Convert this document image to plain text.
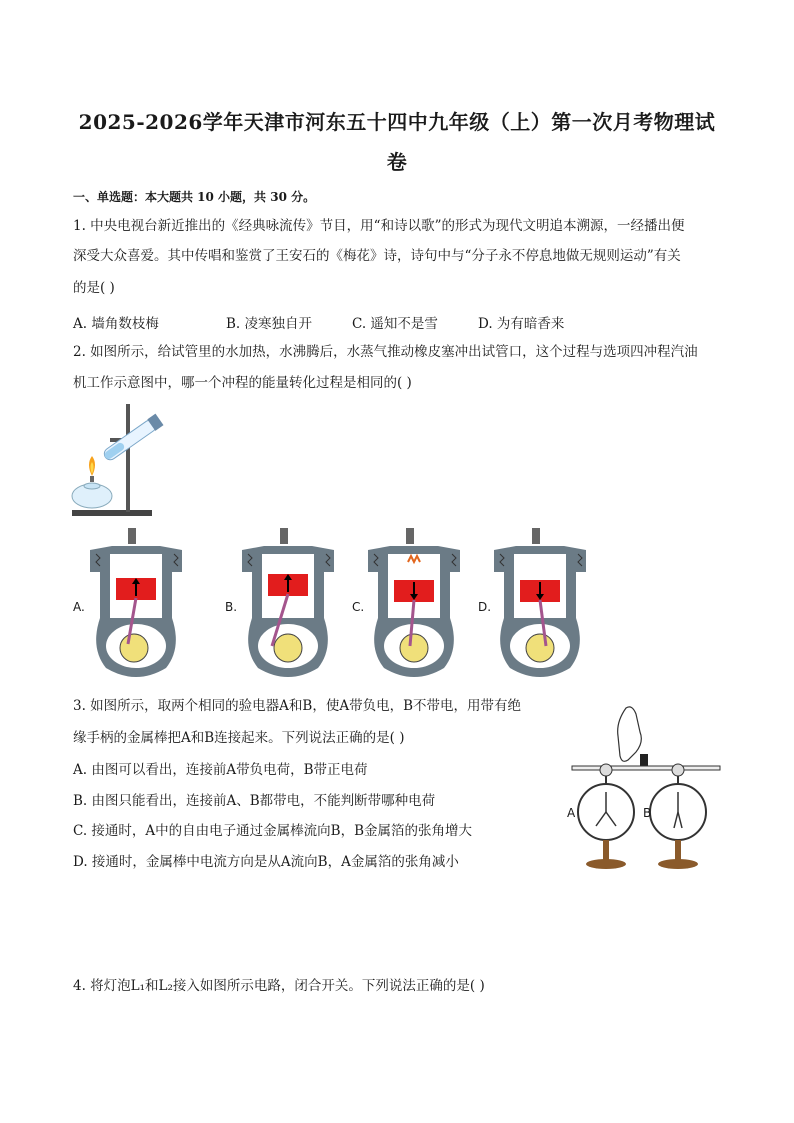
2025-2026学年天津市河东五十四中九年级（上）第一次月考物理试
卷
一、单选题：本大题共 10 小题，共 30 分。
1. 中央电视台新近推出的《经典咏流传》节目，用“和诗以歌”的形式为现代文明追本溯源，一经播出便
深受大众喜爱。其中传唱和鉴赏了王安石的《梅花》诗，诗句中与“分子永不停息地做无规则运动”有关
的是( )
A. 墙角数枝梅	B. 凌寒独自开	C. 遥知不是雪	D. 为有暗香来
2. 如图所示，给试管里的水加热，水沸腾后，水蒸气推动橡皮塞冲出试管口，这个过程与选项四冲程汽油
机工作示意图中，哪一个冲程的能量转化过程是相同的( )
A.	B.	C.	D.
3. 如图所示，取两个相同的验电器A和B，使A带负电，B不带电，用带有绝
缘手柄的金属棒把A和B连接起来。下列说法正确的是( )
A. 由图可以看出，连接前A带负电荷，B带正电荷
B. 由图只能看出，连接前A、B都带电，不能判断带哪种电荷
C. 接通时，A中的自由电子通过金属棒流向B，B金属箔的张角增大
D. 接通时，金属棒中电流方向是从A流向B，A金属箔的张角减小
A	B
4. 将灯泡L₁和L₂接入如图所示电路，闭合开关。下列说法正确的是( )
